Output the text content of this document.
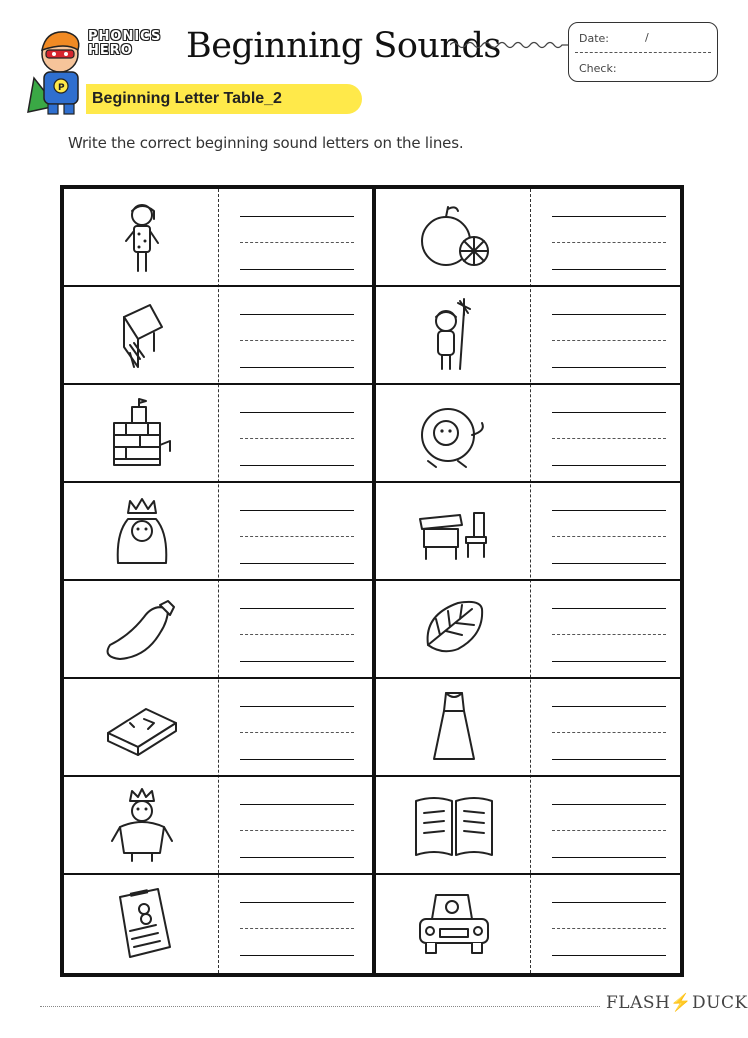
P
PHONICS
HERO	Beginning Sounds	Date:	/
Check:
Beginning Letter Table_2
Write the correct beginning sound letters on the lines.
FLASH⚡DUCK
